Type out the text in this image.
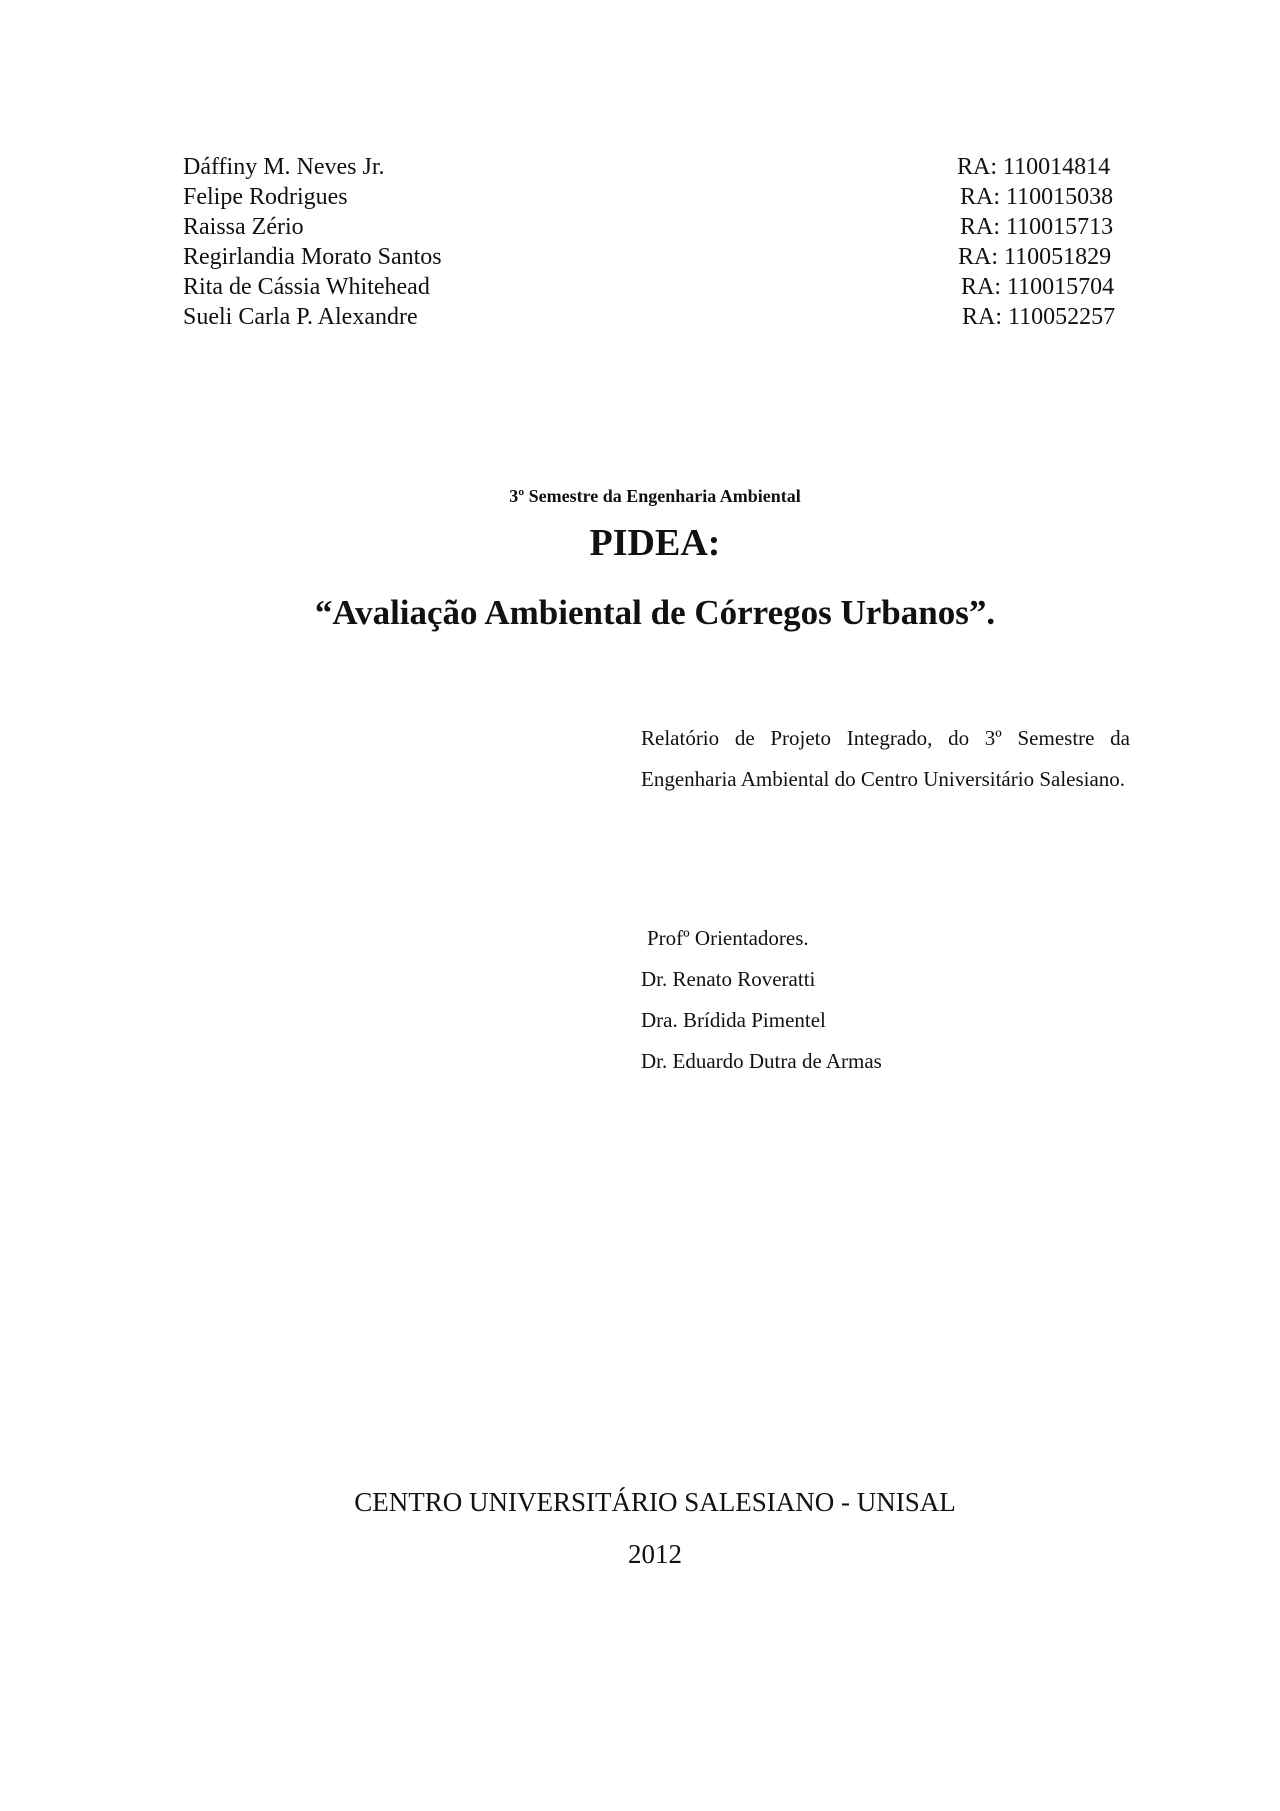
Dáffiny M. Neves Jr.	RA: 110014814
Felipe Rodrigues	RA: 110015038
Raissa Zério	RA: 110015713
Regirlandia Morato Santos	RA: 110051829
Rita de Cássia Whitehead	RA: 110015704
Sueli Carla P. Alexandre	RA: 110052257
3º Semestre da Engenharia Ambiental
PIDEA:
“Avaliação Ambiental de Córregos Urbanos”.
Relatório de Projeto Integrado, do 3º Semestre da Engenharia Ambiental do Centro Universitário Salesiano.
Profº Orientadores.
Dr. Renato Roveratti
Dra. Brídida Pimentel
Dr. Eduardo Dutra de Armas
CENTRO UNIVERSITÁRIO SALESIANO - UNISAL
2012
